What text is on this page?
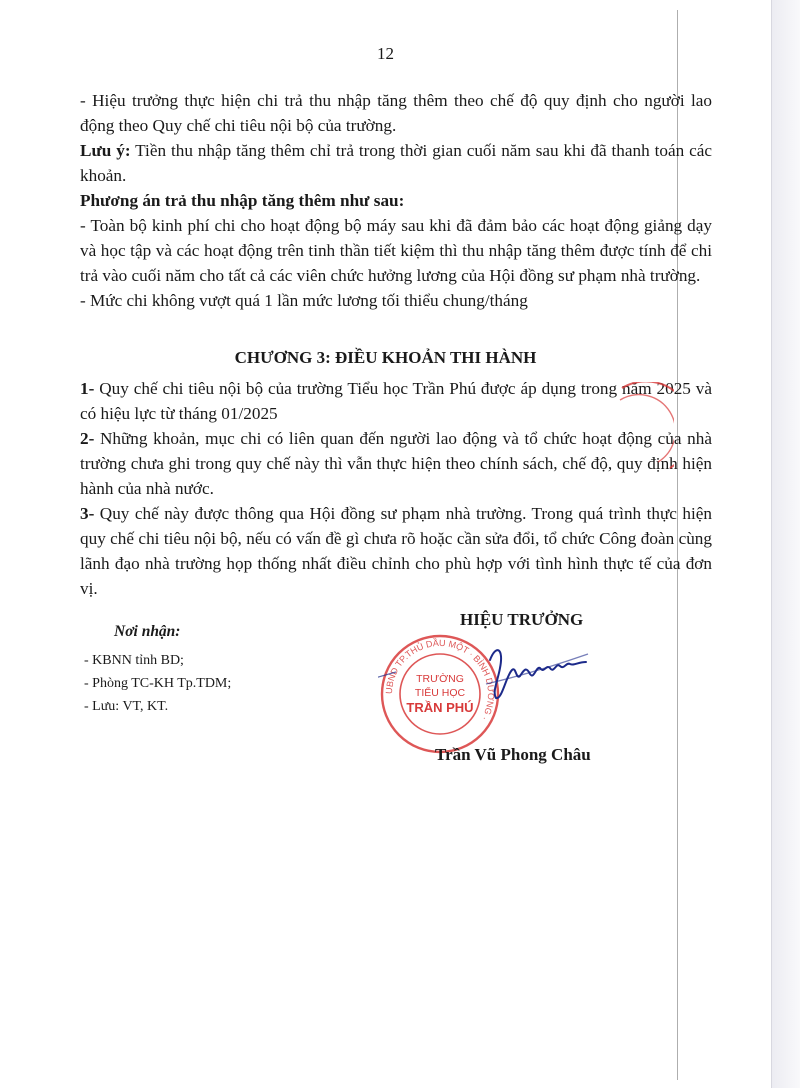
12

- Hiệu trưởng thực hiện chi trả thu nhập tăng thêm theo chế độ quy định cho người lao động theo Quy chế chi tiêu nội bộ của trường.

Lưu ý: Tiền thu nhập tăng thêm chỉ trả trong thời gian cuối năm sau khi đã thanh toán các khoản.

Phương án trả thu nhập tăng thêm như sau:

- Toàn bộ kinh phí chi cho hoạt động bộ máy sau khi đã đảm bảo các hoạt động giảng dạy và học tập và các hoạt động trên tinh thần tiết kiệm thì thu nhập tăng thêm được tính để chi trả vào cuối năm cho tất cả các viên chức hưởng lương của Hội đồng sư phạm nhà trường.

- Mức chi không vượt quá 1 lần mức lương tối thiểu chung/tháng

CHƯƠNG 3: ĐIỀU KHOẢN THI HÀNH

1- Quy chế chi tiêu nội bộ của trường Tiểu học Trần Phú được áp dụng trong năm 2025 và có hiệu lực từ tháng 01/2025

2- Những khoản, mục chi có liên quan đến người lao động và tổ chức hoạt động của nhà trường chưa ghi trong quy chế này thì vẫn thực hiện theo chính sách, chế độ, quy định hiện hành của nhà nước.

3- Quy chế này được thông qua Hội đồng sư phạm nhà trường. Trong quá trình thực hiện quy chế chi tiêu nội bộ, nếu có vấn đề gì chưa rõ hoặc cần sửa đổi, tổ chức Công đoàn cùng lãnh đạo nhà trường họp thống nhất điều chỉnh cho phù hợp với tình hình thực tế của đơn vị.

Nơi nhận:
- KBNN tỉnh BD;
- Phòng TC-KH Tp.TDM;
- Lưu: VT, KT.
HIỆU TRƯỞNG
UBND TP.THỦ DẦU MỘT · BÌNH DƯƠNG ·
TRƯỜNG
TIỂU HỌC
TRẦN PHÚ
Trần Vũ Phong Châu
